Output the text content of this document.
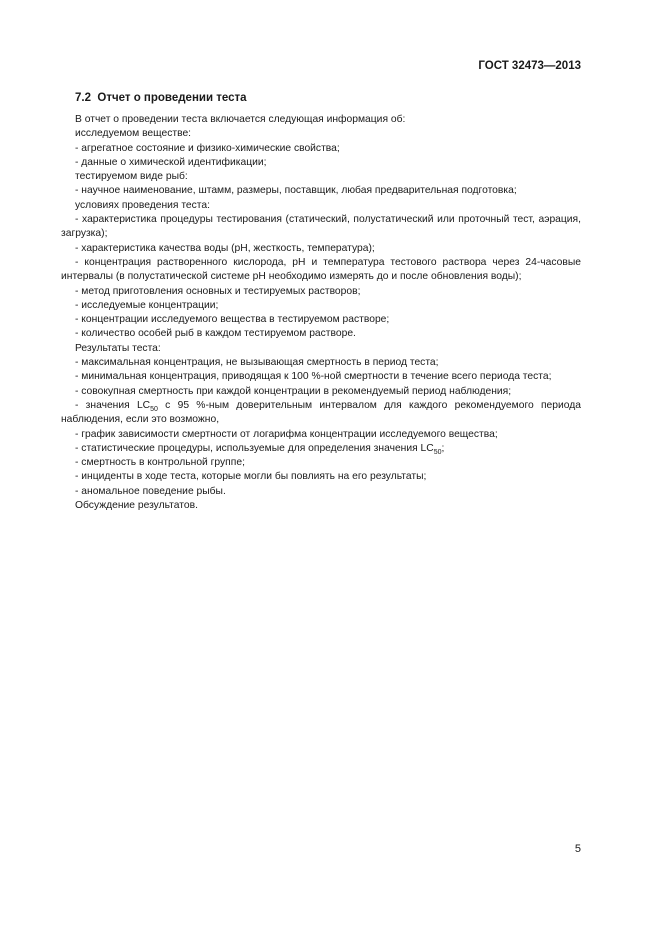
ГОСТ 32473—2013
7.2 Отчет о проведении теста

В отчет о проведении теста включается следующая информация об:

исследуемом веществе:

- агрегатное состояние и физико-химические свойства;

- данные о химической идентификации;

тестируемом виде рыб:

- научное наименование, штамм, размеры, поставщик, любая предварительная подготовка;

условиях проведения теста:

- характеристика процедуры тестирования (статический, полустатический или проточный тест, аэрация, загрузка);

- характеристика качества воды (pH, жесткость, температура);

- концентрация растворенного кислорода, pH и температура тестового раствора через 24-часовые интервалы (в полустатической системе pH необходимо измерять до и после обновления воды);

- метод приготовления основных и тестируемых растворов;

- исследуемые концентрации;

- концентрации исследуемого вещества в тестируемом растворе;

- количество особей рыб в каждом тестируемом растворе.

Результаты теста:

- максимальная концентрация, не вызывающая смертность в период теста;

- минимальная концентрация, приводящая к 100 %-ной смертности в течение всего периода теста;

- совокупная смертность при каждой концентрации в рекомендуемый период наблюдения;

- значения $LC_{50}$ с 95 %-ным доверительным интервалом для каждого рекомендуемого периода наблюдения, если это возможно,

- график зависимости смертности от логарифма концентрации исследуемого вещества;

- статистические процедуры, используемые для определения значения $LC_{50}$;

- смертность в контрольной группе;

- инциденты в ходе теста, которые могли бы повлиять на его результаты;

- аномальное поведение рыбы.

Обсуждение результатов.

5
